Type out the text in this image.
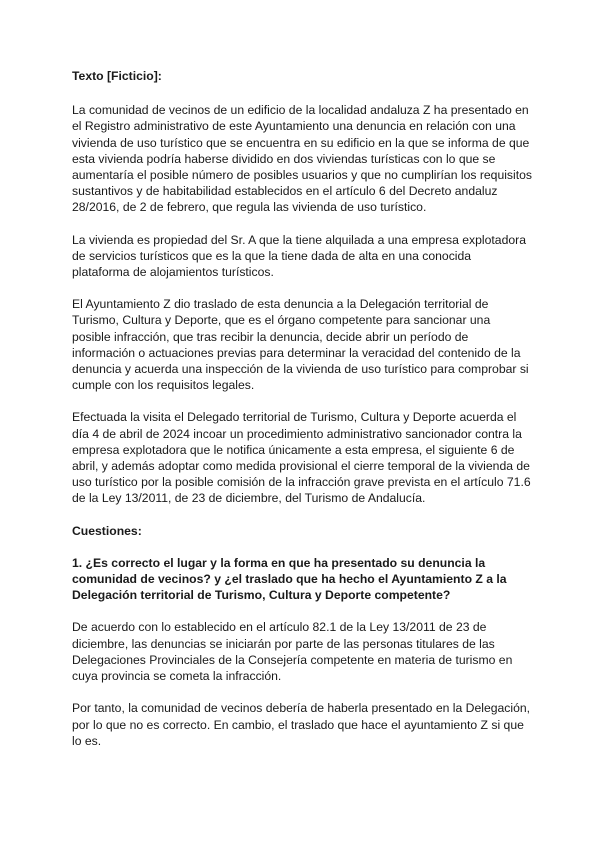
Texto [Ficticio]:

La comunidad de vecinos de un edificio de la localidad andaluza Z ha presentado en el Registro administrativo de este Ayuntamiento una denuncia en relación con una vivienda de uso turístico que se encuentra en su edificio en la que se informa de que esta vivienda podría haberse dividido en dos viviendas turísticas con lo que se aumentaría el posible número de posibles usuarios y que no cumplirían los requisitos sustantivos y de habitabilidad establecidos en el artículo 6 del Decreto andaluz 28/2016, de 2 de febrero, que regula las vivienda de uso turístico.

La vivienda es propiedad del Sr. A que la tiene alquilada a una empresa explotadora de servicios turísticos que es la que la tiene dada de alta en una conocida plataforma de alojamientos turísticos.

El Ayuntamiento Z dio traslado de esta denuncia a la Delegación territorial de Turismo, Cultura y Deporte, que es el órgano competente para sancionar una posible infracción, que tras recibir la denuncia, decide abrir un período de información o actuaciones previas para determinar la veracidad del contenido de la denuncia y acuerda una inspección de la vivienda de uso turístico para comprobar si cumple con los requisitos legales.

Efectuada la visita el Delegado territorial de Turismo, Cultura y Deporte acuerda el día 4 de abril de 2024 incoar un procedimiento administrativo sancionador contra la empresa explotadora que le notifica únicamente a esta empresa, el siguiente 6 de abril, y además adoptar como medida provisional el cierre temporal de la vivienda de uso turístico por la posible comisión de la infracción grave prevista en el artículo 71.6 de la Ley 13/2011, de 23 de diciembre, del Turismo de Andalucía.

Cuestiones:

1. ¿Es correcto el lugar y la forma en que ha presentado su denuncia la comunidad de vecinos? y ¿el traslado que ha hecho el Ayuntamiento Z a la Delegación territorial de Turismo, Cultura y Deporte competente?

De acuerdo con lo establecido en el artículo 82.1 de la Ley 13/2011 de 23 de diciembre, las denuncias se iniciarán por parte de las personas titulares de las Delegaciones Provinciales de la Consejería competente en materia de turismo en cuya provincia se cometa la infracción.

Por tanto, la comunidad de vecinos debería de haberla presentado en la Delegación, por lo que no es correcto. En cambio, el traslado que hace el ayuntamiento Z si que lo es.
